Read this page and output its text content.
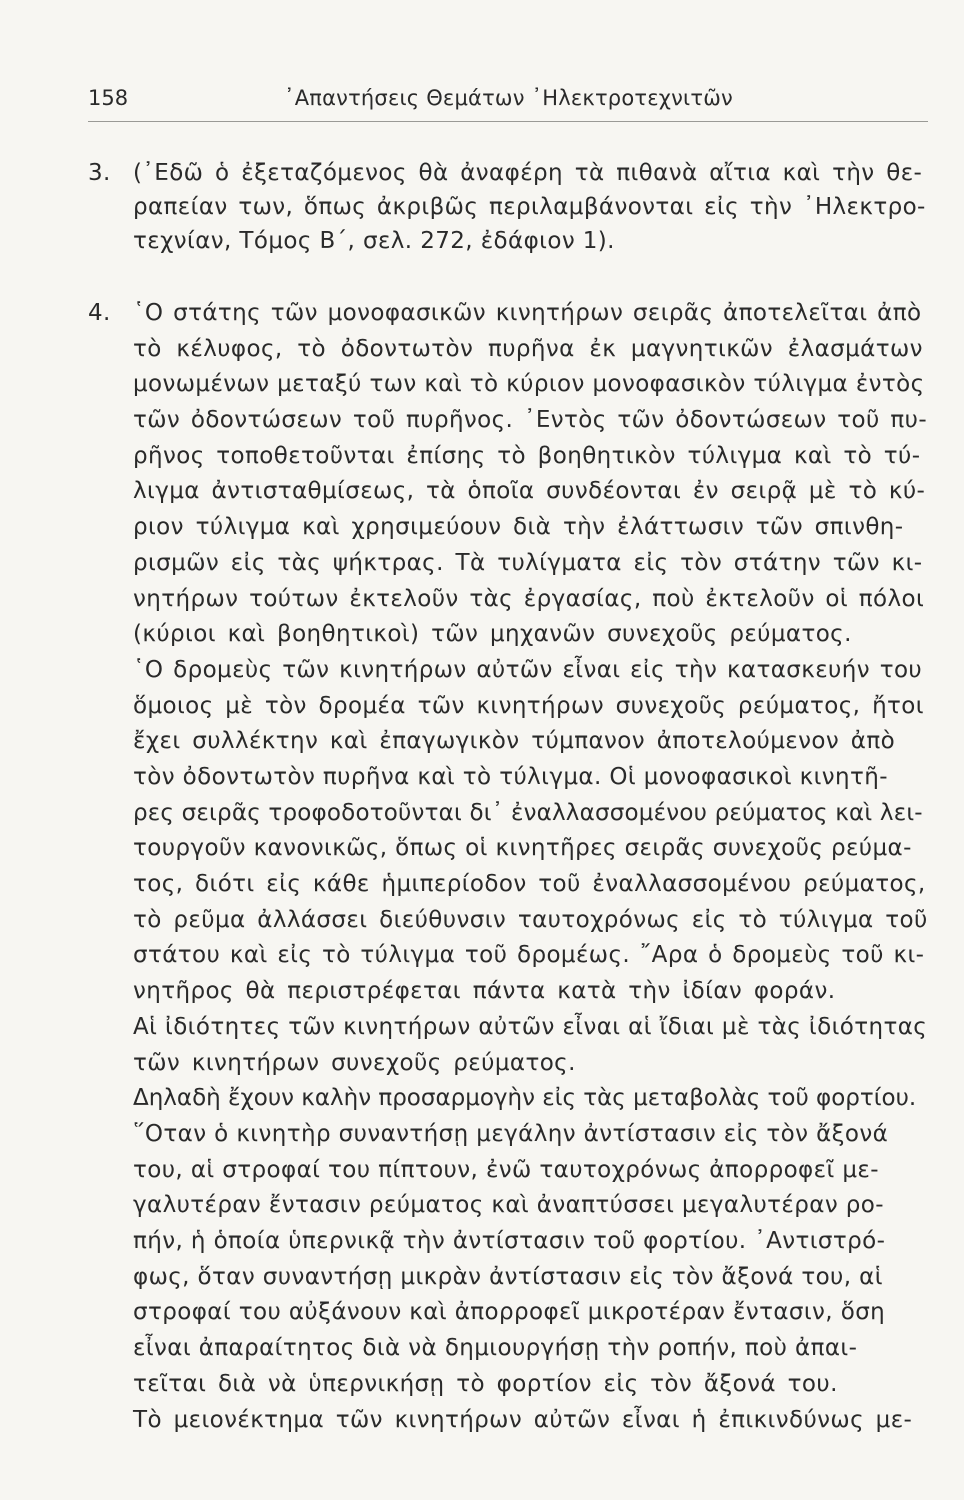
158	᾿Απαντήσεις Θεμάτων ᾿Ηλεκτροτεχνιτῶν
3. (᾿Εδῶ ὁ ἐξεταζόμενος θὰ ἀναφέρη τὰ πιθανὰ αἴτια καὶ τὴν θε-
ραπείαν των, ὅπως ἀκριβῶς περιλαμβάνονται εἰς τὴν ᾿Ηλεκτρο-
τεχνίαν, Τόμος Β΄, σελ. 272, ἐδάφιον 1).
4. ῾Ο στάτης τῶν μονοφασικῶν κινητήρων σειρᾶς ἀποτελεῖται ἀπὸ
τὸ κέλυφος, τὸ ὀδοντωτὸν πυρῆνα ἐκ μαγνητικῶν ἐλασμάτων
μονωμένων μεταξύ των καὶ τὸ κύριον μονοφασικὸν τύλιγμα ἐντὸς
τῶν ὀδοντώσεων τοῦ πυρῆνος. ᾿Εντὸς τῶν ὀδοντώσεων τοῦ πυ-
ρῆνος τοποθετοῦνται ἐπίσης τὸ βοηθητικὸν τύλιγμα καὶ τὸ τύ-
λιγμα ἀντισταθμίσεως, τὰ ὁποῖα συνδέονται ἐν σειρᾷ μὲ τὸ κύ-
ριον τύλιγμα καὶ χρησιμεύουν διὰ τὴν ἐλάττωσιν τῶν σπινθη-
ρισμῶν εἰς τὰς ψήκτρας. Τὰ τυλίγματα εἰς τὸν στάτην τῶν κι-
νητήρων τούτων ἐκτελοῦν τὰς ἐργασίας, ποὺ ἐκτελοῦν οἱ πόλοι
(κύριοι καὶ βοηθητικοὶ) τῶν μηχανῶν συνεχοῦς ρεύματος.
῾Ο δρομεὺς τῶν κινητήρων αὐτῶν εἶναι εἰς τὴν κατασκευήν του
ὅμοιος μὲ τὸν δρομέα τῶν κινητήρων συνεχοῦς ρεύματος, ἤτοι
ἔχει συλλέκτην καὶ ἐπαγωγικὸν τύμπανον ἀποτελούμενον ἀπὸ
τὸν ὀδοντωτὸν πυρῆνα καὶ τὸ τύλιγμα. Οἱ μονοφασικοὶ κινητῆ-
ρες σειρᾶς τροφοδοτοῦνται δι᾿ ἐναλλασσομένου ρεύματος καὶ λει-
τουργοῦν κανονικῶς, ὅπως οἱ κινητῆρες σειρᾶς συνεχοῦς ρεύμα-
τος, διότι εἰς κάθε ἡμιπερίοδον τοῦ ἐναλλασσομένου ρεύματος,
τὸ ρεῦμα ἀλλάσσει διεύθυνσιν ταυτοχρόνως εἰς τὸ τύλιγμα τοῦ
στάτου καὶ εἰς τὸ τύλιγμα τοῦ δρομέως. ῎Αρα ὁ δρομεὺς τοῦ κι-
νητῆρος θὰ περιστρέφεται πάντα κατὰ τὴν ἰδίαν φοράν.
Αἱ ἰδιότητες τῶν κινητήρων αὐτῶν εἶναι αἱ ἴδιαι μὲ τὰς ἰδιότητας
τῶν κινητήρων συνεχοῦς ρεύματος.
Δηλαδὴ ἔχουν καλὴν προσαρμογὴν εἰς τὰς μεταβολὰς τοῦ φορτίου.
῞Οταν ὁ κινητὴρ συναντήσῃ μεγάλην ἀντίστασιν εἰς τὸν ἄξονά
του, αἱ στροφαί του πίπτουν, ἐνῶ ταυτοχρόνως ἀπορροφεῖ με-
γαλυτέραν ἔντασιν ρεύματος καὶ ἀναπτύσσει μεγαλυτέραν ρο-
πήν, ἡ ὁποία ὑπερνικᾷ τὴν ἀντίστασιν τοῦ φορτίου. ᾿Αντιστρό-
φως, ὅταν συναντήσῃ μικρὰν ἀντίστασιν εἰς τὸν ἄξονά του, αἱ
στροφαί του αὐξάνουν καὶ ἀπορροφεῖ μικροτέραν ἔντασιν, ὅση
εἶναι ἀπαραίτητος διὰ νὰ δημιουργήσῃ τὴν ροπήν, ποὺ ἀπαι-
τεῖται διὰ νὰ ὑπερνικήσῃ τὸ φορτίον εἰς τὸν ἄξονά του.
Τὸ μειονέκτημα τῶν κινητήρων αὐτῶν εἶναι ἡ ἐπικινδύνως με-
